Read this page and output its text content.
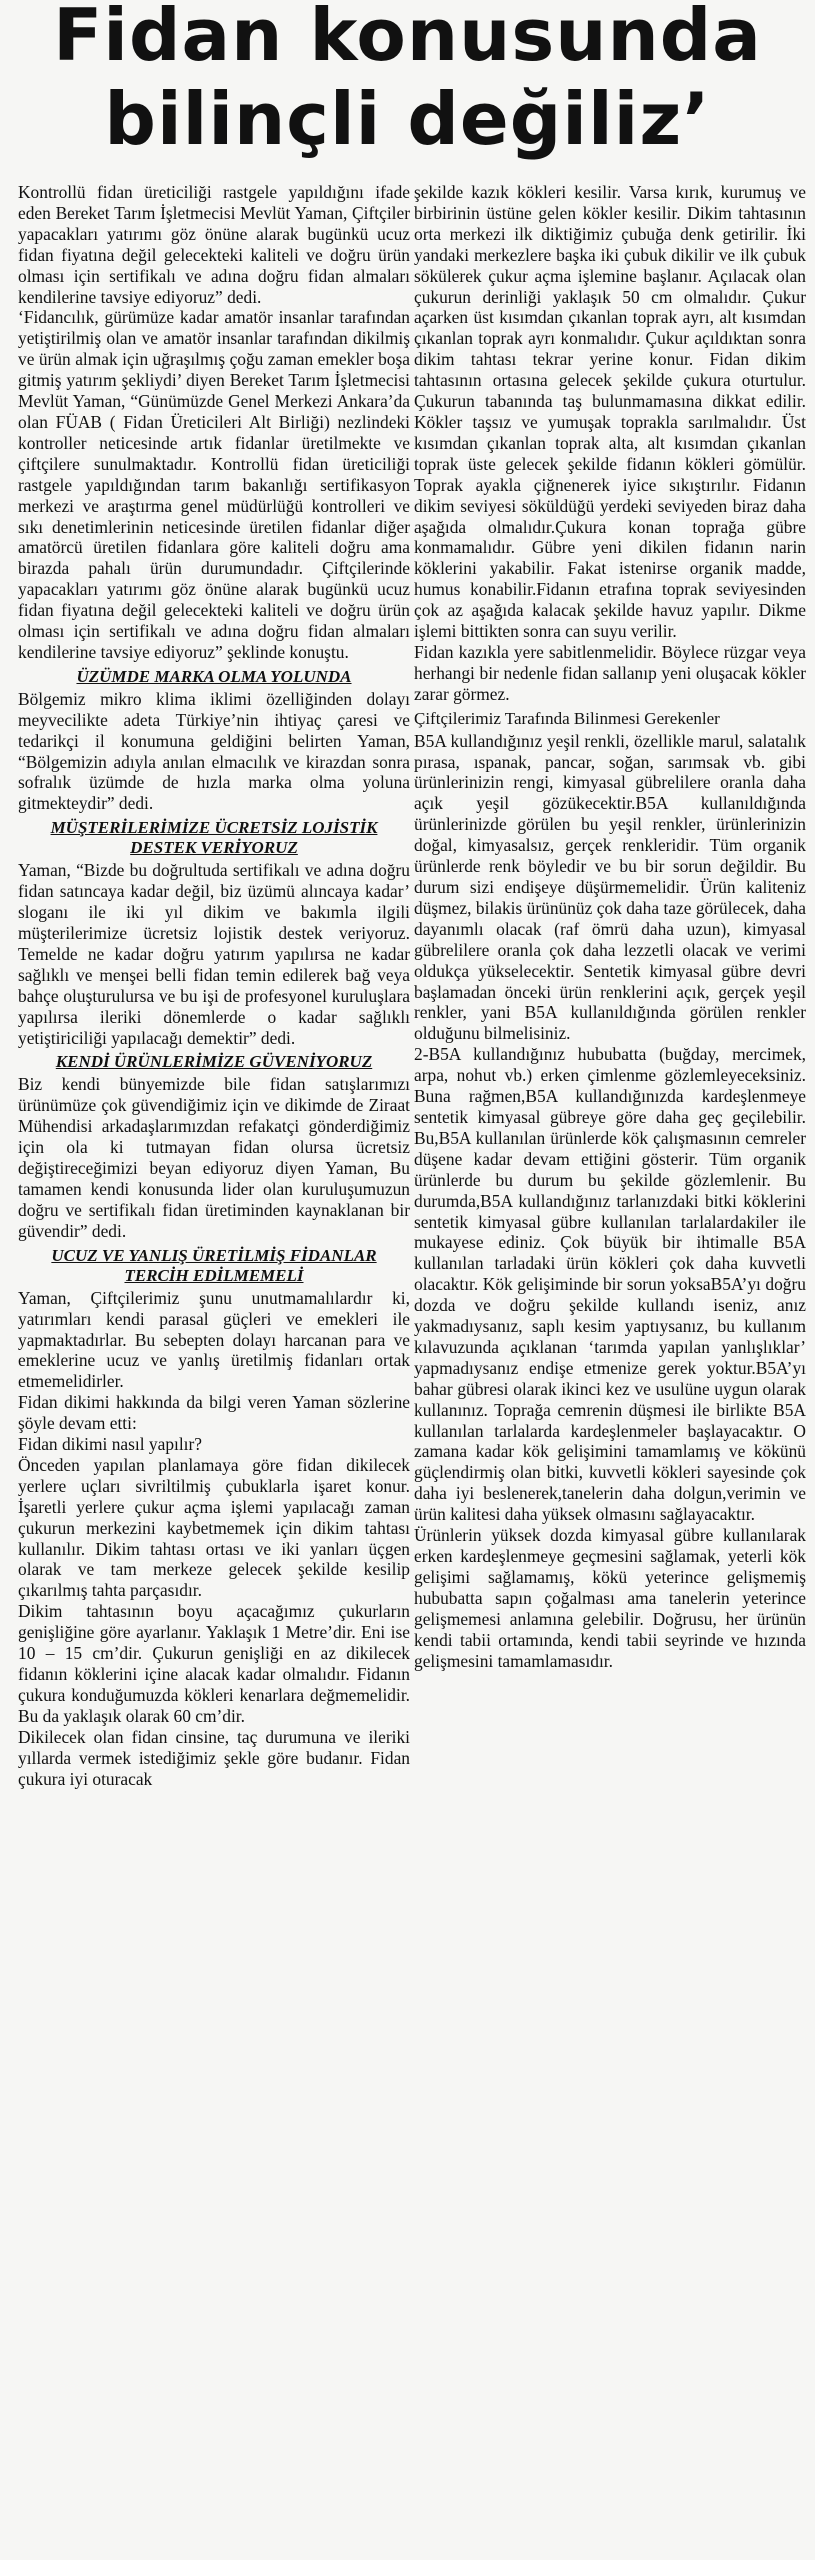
Fidan konusunda
bilinçli değiliz’

Kontrollü fidan üreticiliği rastgele yapıldığını ifade eden Bereket Tarım İşletmecisi Mevlüt Yaman, Çiftçiler yapacakları yatırımı göz önüne alarak bugünkü ucuz fidan fiyatına değil gelecekteki kaliteli ve doğru ürün olması için sertifikalı ve adına doğru fidan almaları kendilerine tavsiye ediyoruz” dedi.

‘Fidancılık, gürümüze kadar amatör insanlar tarafından yetiştirilmiş olan ve amatör insanlar tarafından dikilmiş ve ürün almak için uğraşılmış çoğu zaman emekler boşa gitmiş yatırım şekliydi’ diyen Bereket Tarım İşletmecisi Mevlüt Yaman, “Günümüzde Genel Merkezi Ankara’da olan FÜAB ( Fidan Üreticileri Alt Birliği) nezlindeki kontroller neticesinde artık fidanlar üretilmekte ve çiftçilere sunulmaktadır. Kontrollü fidan üreticiliği rastgele yapıldığından tarım bakanlığı sertifikasyon merkezi ve araştırma genel müdürlüğü kontrolleri ve sıkı denetimlerinin neticesinde üretilen fidanlar diğer amatörcü üretilen fidanlara göre kaliteli doğru ama birazda pahalı ürün durumundadır. Çiftçilerinde yapacakları yatırımı göz önüne alarak bugünkü ucuz fidan fiyatına değil gelecekteki kaliteli ve doğru ürün olması için sertifikalı ve adına doğru fidan almaları kendilerine tavsiye ediyoruz” şeklinde konuştu.

ÜZÜMDE MARKA OLMA YOLUNDA

Bölgemiz mikro klima iklimi özelliğinden dolayı meyvecilikte adeta Türkiye’nin ihtiyaç çaresi ve tedarikçi il konumuna geldiğini belirten Yaman, “Bölgemizin adıyla anılan elmacılık ve kirazdan sonra sofralık üzümde de hızla marka olma yoluna gitmekteydir” dedi.

MÜŞTERİLERİMİZE ÜCRETSİZ LOJİSTİK DESTEK VERİYORUZ

Yaman, “Bizde bu doğrultuda sertifikalı ve adına doğru fidan satıncaya kadar değil, biz üzümü alıncaya kadar’ sloganı ile iki yıl dikim ve bakımla ilgili müşterilerimize ücretsiz lojistik destek veriyoruz. Temelde ne kadar doğru yatırım yapılırsa ne kadar sağlıklı ve menşei belli fidan temin edilerek bağ veya bahçe oluşturulursa ve bu işi de profesyonel kuruluşlara yapılırsa ileriki dönemlerde o kadar sağlıklı yetiştiriciliği yapılacağı demektir” dedi.

KENDİ ÜRÜNLERİMİZE GÜVENİYORUZ

Biz kendi bünyemizde bile fidan satışlarımızı ürünümüze çok güvendiğimiz için ve dikimde de Ziraat Mühendisi arkadaşlarımızdan refakatçi gönderdiğimiz için ola ki tutmayan fidan olursa ücretsiz değiştireceğimizi beyan ediyoruz diyen Yaman, Bu tamamen kendi konusunda lider olan kuruluşumuzun doğru ve sertifikalı fidan üretiminden kaynaklanan bir güvendir” dedi.

UCUZ VE YANLIŞ ÜRETİLMİŞ FİDANLAR TERCİH EDİLMEMELİ

Yaman, Çiftçilerimiz şunu unutmamalılardır ki, yatırımları kendi parasal güçleri ve emekleri ile yapmaktadırlar. Bu sebepten dolayı harcanan para ve emeklerine ucuz ve yanlış üretilmiş fidanları ortak etmemelidirler.

Fidan dikimi hakkında da bilgi veren Yaman sözlerine şöyle devam etti:

Fidan dikimi nasıl yapılır?

Önceden yapılan planlamaya göre fidan dikilecek yerlere uçları sivriltilmiş çubuklarla işaret konur. İşaretli yerlere çukur açma işlemi yapılacağı zaman çukurun merkezini kaybetmemek için dikim tahtası kullanılır. Dikim tahtası ortası ve iki yanları üçgen olarak ve tam merkeze gelecek şekilde kesilip çıkarılmış tahta parçasıdır.

Dikim tahtasının boyu açacağımız çukurların genişliğine göre ayarlanır. Yaklaşık 1 Metre’dir. Eni ise 10 – 15 cm’dir. Çukurun genişliği en az dikilecek fidanın köklerini içine alacak kadar olmalıdır. Fidanın çukura konduğumuzda kökleri kenarlara değmemelidir. Bu da yaklaşık olarak 60 cm’dir.

Dikilecek olan fidan cinsine, taç durumuna ve ileriki yıllarda vermek istediğimiz şekle göre budanır. Fidan çukura iyi oturacak

şekilde kazık kökleri kesilir. Varsa kırık, kurumuş ve birbirinin üstüne gelen kökler kesilir. Dikim tahtasının orta merkezi ilk diktiğimiz çubuğa denk getirilir. İki yandaki merkezlere başka iki çubuk dikilir ve ilk çubuk sökülerek çukur açma işlemine başlanır. Açılacak olan çukurun derinliği yaklaşık 50 cm olmalıdır. Çukur açarken üst kısımdan çıkanlan toprak ayrı, alt kısımdan çıkanlan toprak ayrı konmalıdır. Çukur açıldıktan sonra dikim tahtası tekrar yerine konur. Fidan dikim tahtasının ortasına gelecek şekilde çukura oturtulur. Çukurun tabanında taş bulunmamasına dikkat edilir. Kökler taşsız ve yumuşak toprakla sarılmalıdır. Üst kısımdan çıkanlan toprak alta, alt kısımdan çıkanlan toprak üste gelecek şekilde fidanın kökleri gömülür. Toprak ayakla çiğnenerek iyice sıkıştırılır. Fidanın dikim seviyesi söküldüğü yerdeki seviyeden biraz daha aşağıda olmalıdır.Çukura konan toprağa gübre konmamalıdır. Gübre yeni dikilen fidanın narin köklerini yakabilir. Fakat istenirse organik madde, humus konabilir.Fidanın etrafına toprak seviyesinden çok az aşağıda kalacak şekilde havuz yapılır. Dikme işlemi bittikten sonra can suyu verilir.

Fidan kazıkla yere sabitlenmelidir. Böylece rüzgar veya herhangi bir nedenle fidan sallanıp yeni oluşacak kökler zarar görmez.

Çiftçilerimiz Tarafında Bilinmesi Gerekenler

B5A kullandığınız yeşil renkli, özellikle marul, salatalık pırasa, ıspanak, pancar, soğan, sarımsak vb. gibi ürünlerinizin rengi, kimyasal gübrelilere oranla daha açık yeşil gözükecektir.B5A kullanıldığında ürünlerinizde görülen bu yeşil renkler, ürünlerinizin doğal, kimyasalsız, gerçek renkleridir. Tüm organik ürünlerde renk böyledir ve bu bir sorun değildir. Bu durum sizi endişeye düşürmemelidir. Ürün kaliteniz düşmez, bilakis ürününüz çok daha taze görülecek, daha dayanımlı olacak (raf ömrü daha uzun), kimyasal gübrelilere oranla çok daha lezzetli olacak ve verimi oldukça yükselecektir. Sentetik kimyasal gübre devri başlamadan önceki ürün renklerini açık, gerçek yeşil renkler, yani B5A kullanıldığında görülen renkler olduğunu bilmelisiniz.

2-B5A kullandığınız hububatta (buğday, mercimek, arpa, nohut vb.) erken çimlenme gözlemleyeceksiniz. Buna rağmen,B5A kullandığınızda kardeşlenmeye sentetik kimyasal gübreye göre daha geç geçilebilir. Bu,B5A kullanılan ürünlerde kök çalışmasının cemreler düşene kadar devam ettiğini gösterir. Tüm organik ürünlerde bu durum bu şekilde gözlemlenir. Bu durumda,B5A kullandığınız tarlanızdaki bitki köklerini sentetik kimyasal gübre kullanılan tarlalardakiler ile mukayese ediniz. Çok büyük bir ihtimalle B5A kullanılan tarladaki ürün kökleri çok daha kuvvetli olacaktır. Kök gelişiminde bir sorun yoksaB5A’yı doğru dozda ve doğru şekilde kullandı iseniz, anız yakmadıysanız, saplı kesim yaptıysanız, bu kullanım kılavuzunda açıklanan ‘tarımda yapılan yanlışlıklar’ yapmadıysanız endişe etmenize gerek yoktur.B5A’yı bahar gübresi olarak ikinci kez ve usulüne uygun olarak kullanınız. Toprağa cemrenin düşmesi ile birlikte B5A kullanılan tarlalarda kardeşlenmeler başlayacaktır. O zamana kadar kök gelişimini tamamlamış ve kökünü güçlendirmiş olan bitki, kuvvetli kökleri sayesinde çok daha iyi beslenerek,tanelerin daha dolgun,verimin ve ürün kalitesi daha yüksek olmasını sağlayacaktır.

Ürünlerin yüksek dozda kimyasal gübre kullanılarak erken kardeşlenmeye geçmesini sağlamak, yeterli kök gelişimi sağlamamış, kökü yeterince gelişmemiş hububatta sapın çoğalması ama tanelerin yeterince gelişmemesi anlamına gelebilir. Doğrusu, her ürünün kendi tabii ortamında, kendi tabii seyrinde ve hızında gelişmesini tamamlamasıdır.
